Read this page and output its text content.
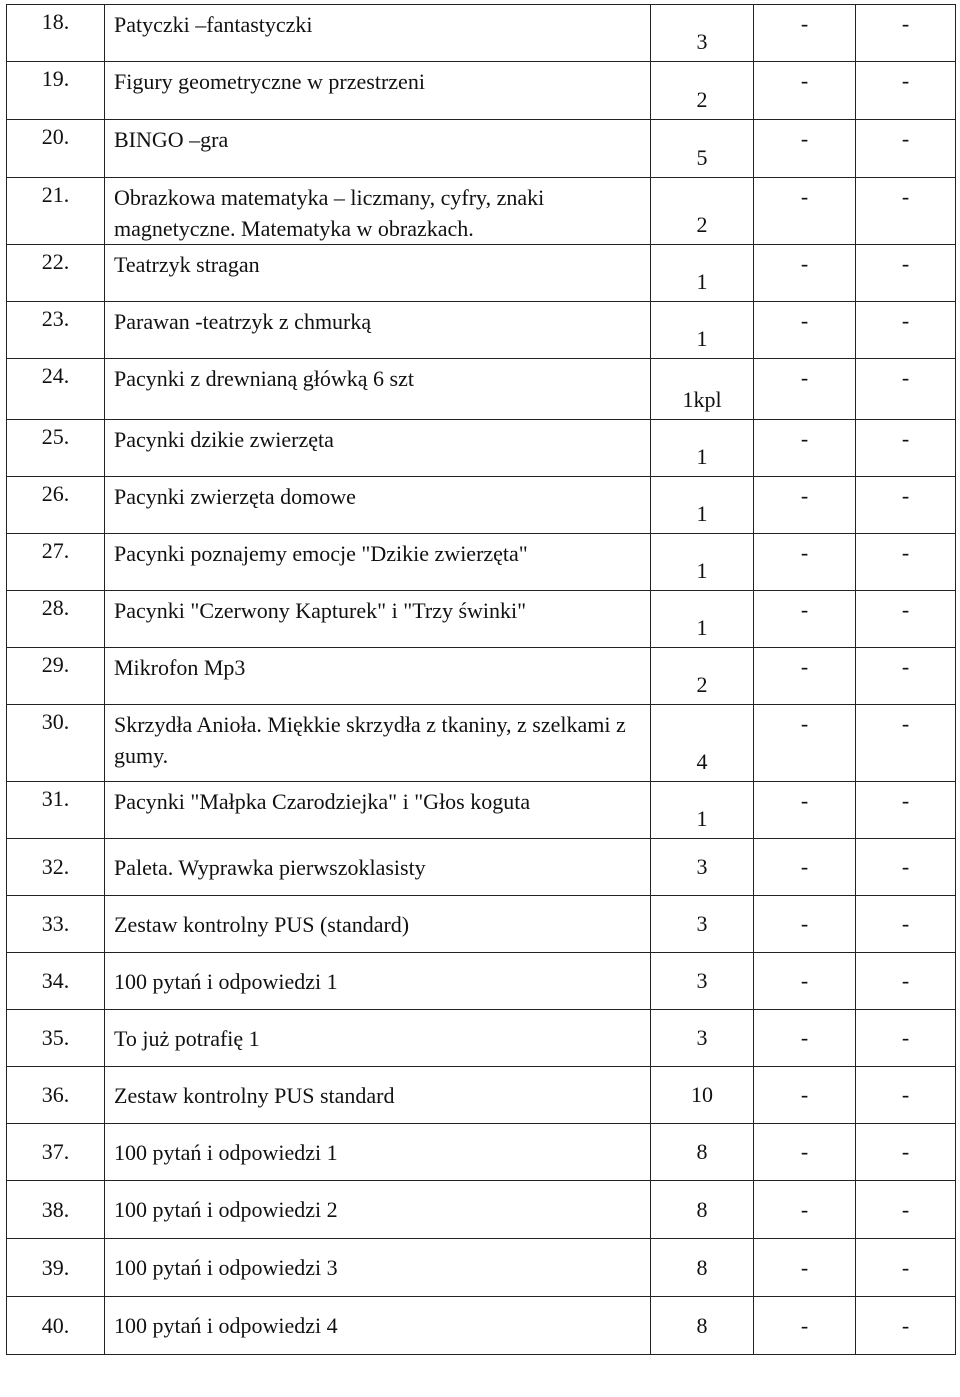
18.	Patyczki –fantastyczki	3	-	-
19.	Figury geometryczne w przestrzeni	2	-	-
20.	BINGO –gra	5	-	-
21.	Obrazkowa matematyka – liczmany, cyfry, znaki magnetyczne. Matematyka w obrazkach.	2	-	-
22.	Teatrzyk stragan	1	-	-
23.	Parawan -teatrzyk z chmurką	1	-	-
24.	Pacynki z drewnianą główką 6 szt	1kpl	-	-
25.	Pacynki dzikie zwierzęta	1	-	-
26.	Pacynki zwierzęta domowe	1	-	-
27.	Pacynki poznajemy emocje "Dzikie zwierzęta"	1	-	-
28.	Pacynki "Czerwony Kapturek" i "Trzy świnki"	1	-	-
29.	Mikrofon Mp3	2	-	-
30.	Skrzydła Anioła. Miękkie skrzydła z tkaniny, z szelkami z gumy.	4	-	-
31.	Pacynki "Małpka Czarodziejka" i "Głos koguta	1	-	-
32.	Paleta. Wyprawka pierwszoklasisty	3	-	-
33.	Zestaw kontrolny PUS (standard)	3	-	-
34.	100 pytań i odpowiedzi 1	3	-	-
35.	To już potrafię 1	3	-	-
36.	Zestaw kontrolny PUS standard	10	-	-
37.	100 pytań i odpowiedzi 1	8	-	-
38.	100 pytań i odpowiedzi 2	8	-	-
39.	100 pytań i odpowiedzi 3	8	-	-
40.	100 pytań i odpowiedzi 4	8	-	-
